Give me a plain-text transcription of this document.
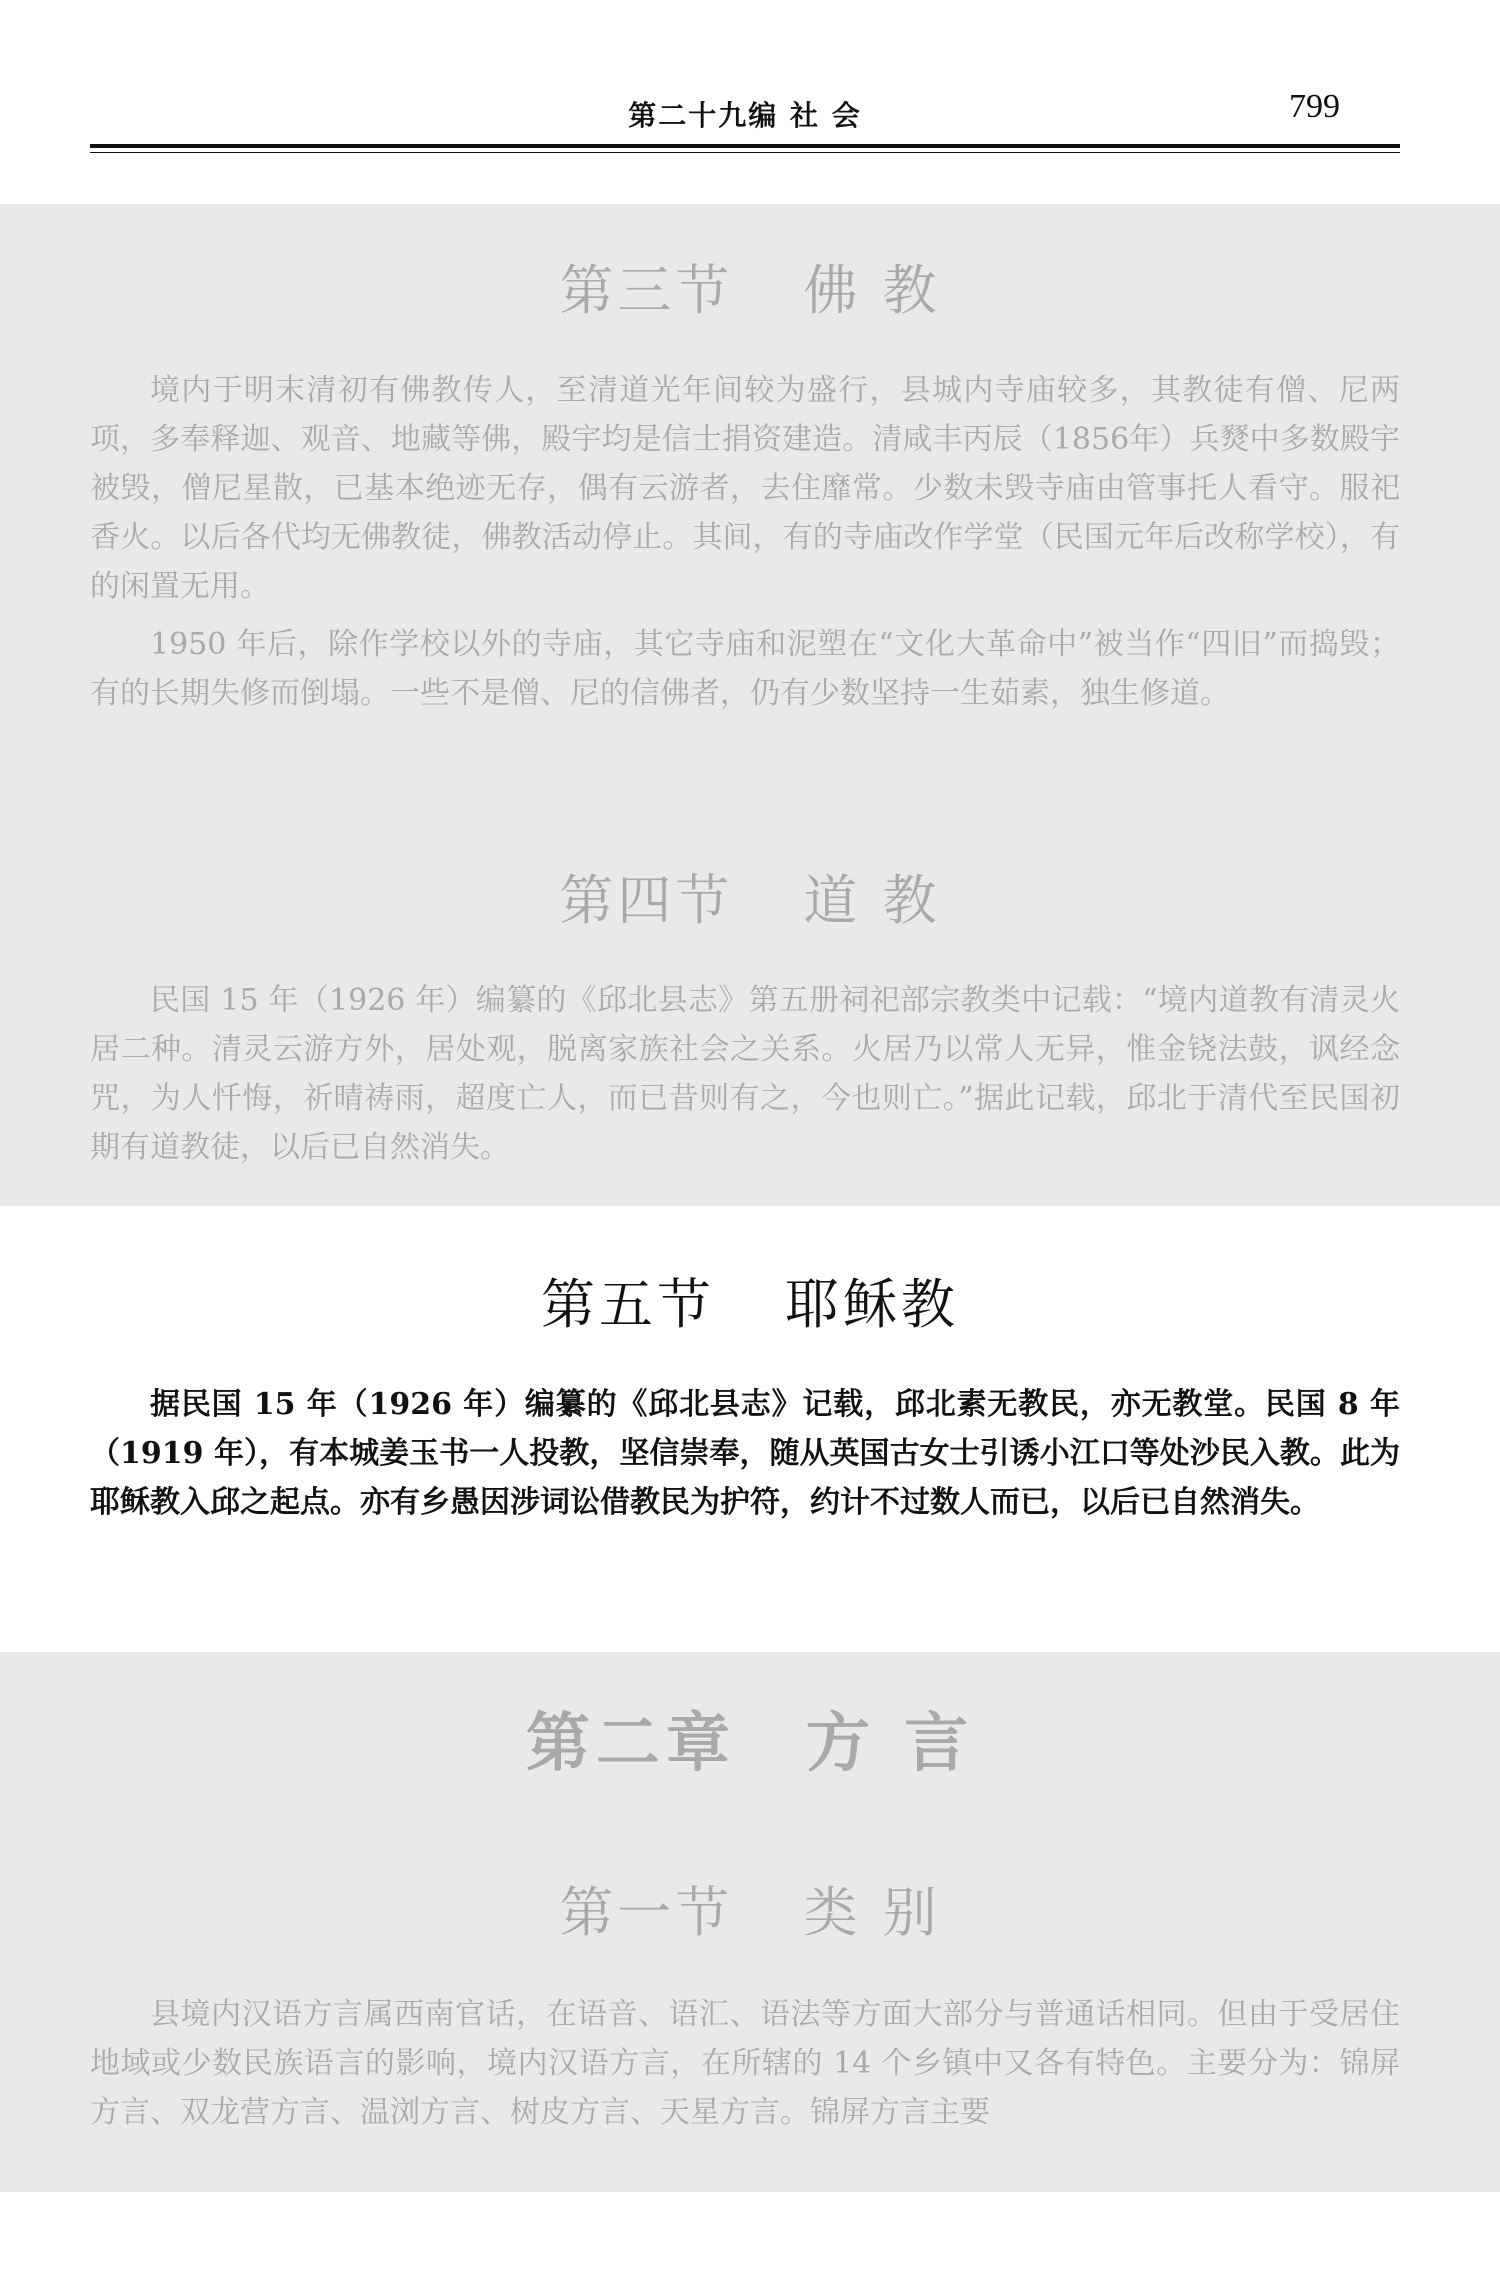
第二十九编 社 会	799
第三节 佛 教

境内于明末清初有佛教传人，至清道光年间较为盛行，县城内寺庙较多，其教徒有僧、尼两项，多奉释迦、观音、地藏等佛，殿宇均是信士捐资建造。清咸丰丙辰（1856年）兵燹中多数殿宇被毁，僧尼星散，已基本绝迹无存，偶有云游者，去住靡常。少数未毁寺庙由管事托人看守。服祀香火。以后各代均无佛教徒，佛教活动停止。其间，有的寺庙改作学堂（民国元年后改称学校），有的闲置无用。

1950 年后，除作学校以外的寺庙，其它寺庙和泥塑在“文化大革命中”被当作“四旧”而捣毁；有的长期失修而倒塌。一些不是僧、尼的信佛者，仍有少数坚持一生茹素，独生修道。

第四节 道 教

民国 15 年（1926 年）编纂的《邱北县志》第五册祠祀部宗教类中记载：“境内道教有清灵火居二种。清灵云游方外，居处观，脱离家族社会之关系。火居乃以常人无异，惟金铙法鼓，讽经念咒，为人忏悔，祈晴祷雨，超度亡人，而已昔则有之，今也则亡。”据此记载，邱北于清代至民国初期有道教徒，以后已自然消失。

第五节 耶稣教

据民国 15 年（1926 年）编纂的《邱北县志》记载，邱北素无教民，亦无教堂。民国 8 年（1919 年），有本城姜玉书一人投教，坚信崇奉，随从英国古女士引诱小江口等处沙民入教。此为耶稣教入邱之起点。亦有乡愚因涉词讼借教民为护符，约计不过数人而已，以后已自然消失。

第二章 方 言
第一节 类 别

县境内汉语方言属西南官话，在语音、语汇、语法等方面大部分与普通话相同。但由于受居住地域或少数民族语言的影响，境内汉语方言，在所辖的 14 个乡镇中又各有特色。主要分为：锦屏方言、双龙营方言、温浏方言、树皮方言、天星方言。锦屏方言主要
